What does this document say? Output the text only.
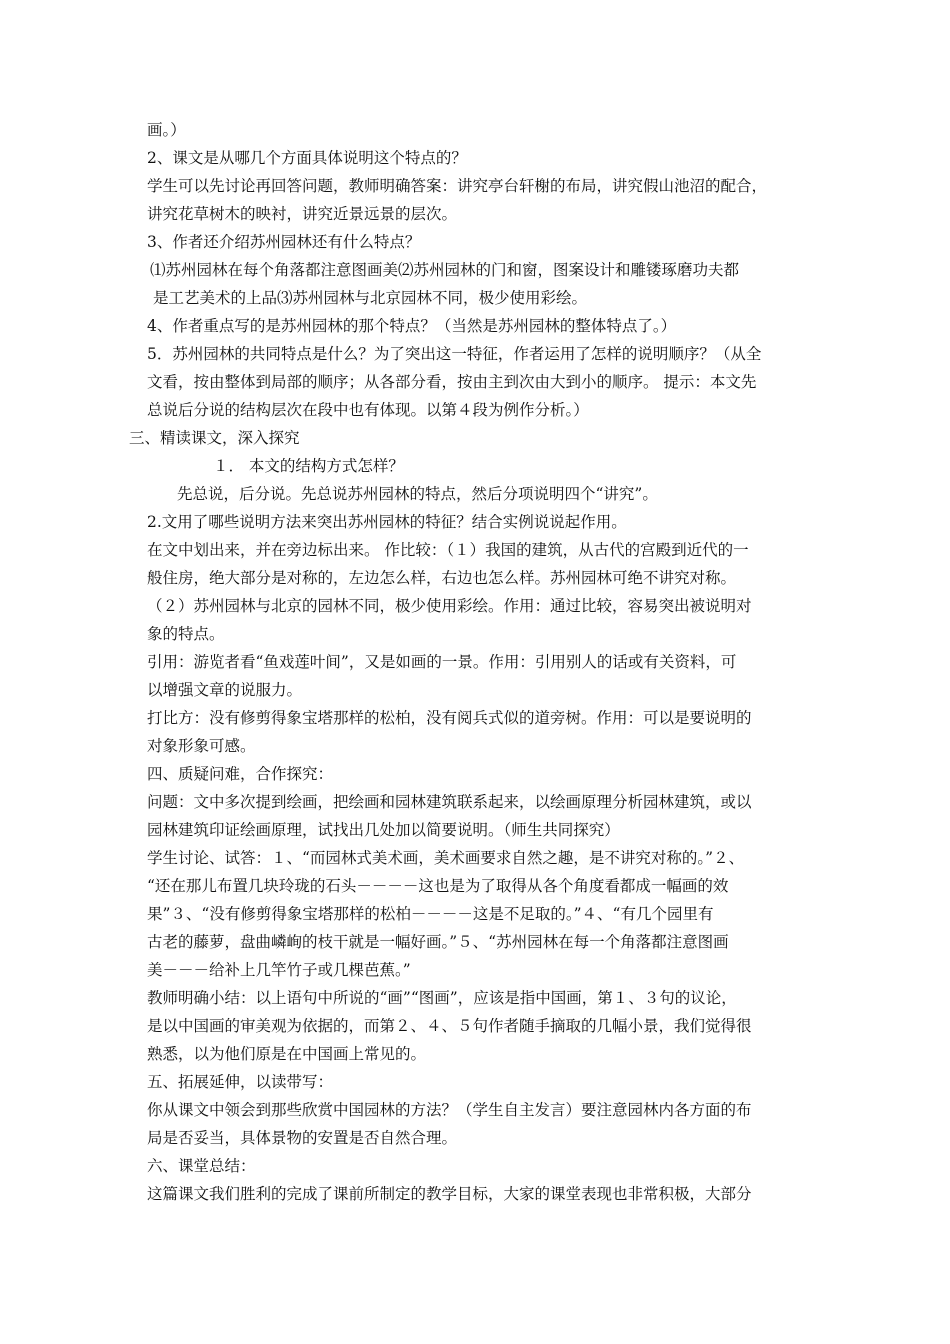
画。）
2、课文是从哪几个方面具体说明这个特点的？
学生可以先讨论再回答问题，教师明确答案：讲究亭台轩榭的布局，讲究假山池沼的配合，
讲究花草树木的映衬，讲究近景远景的层次。
3、作者还介绍苏州园林还有什么特点？
⑴苏州园林在每个角落都注意图画美⑵苏州园林的门和窗，图案设计和雕镂琢磨功夫都
是工艺美术的上品⑶苏州园林与北京园林不同，极少使用彩绘。
4、作者重点写的是苏州园林的那个特点？（当然是苏州园林的整体特点了。）
5．苏州园林的共同特点是什么？为了突出这一特征，作者运用了怎样的说明顺序？（从全
文看，按由整体到局部的顺序；从各部分看，按由主到次由大到小的顺序。 提示：本文先
总说后分说的结构层次在段中也有体现。以第４段为例作分析。）
三、精读课文，深入探究
１． 本文的结构方式怎样？
先总说，后分说。先总说苏州园林的特点，然后分项说明四个“讲究”。
2.文用了哪些说明方法来突出苏州园林的特征？结合实例说说起作用。
在文中划出来，并在旁边标出来。 作比较：（１）我国的建筑，从古代的宫殿到近代的一
般住房，绝大部分是对称的，左边怎么样，右边也怎么样。苏州园林可绝不讲究对称。
（２）苏州园林与北京的园林不同，极少使用彩绘。作用：通过比较，容易突出被说明对
象的特点。
引用：游览者看“鱼戏莲叶间”，又是如画的一景。作用：引用别人的话或有关资料，可
以增强文章的说服力。
打比方：没有修剪得象宝塔那样的松柏，没有阅兵式似的道旁树。作用：可以是要说明的
对象形象可感。
四、质疑问难，合作探究：
问题：文中多次提到绘画，把绘画和园林建筑联系起来，以绘画原理分析园林建筑，或以
园林建筑印证绘画原理，试找出几处加以简要说明。（师生共同探究）
学生讨论、试答：１、“而园林式美术画，美术画要求自然之趣，是不讲究对称的。”２、
“还在那儿布置几块玲珑的石头－－－－这也是为了取得从各个角度看都成一幅画的效
果”３、“没有修剪得象宝塔那样的松柏－－－－这是不足取的。”４、“有几个园里有
古老的藤萝，盘曲嶙峋的枝干就是一幅好画。”５、“苏州园林在每一个角落都注意图画
美－－－给补上几竿竹子或几棵芭蕉。”
教师明确小结：以上语句中所说的“画”“图画”，应该是指中国画，第１、３句的议论，
是以中国画的审美观为依据的，而第２、４、５句作者随手摘取的几幅小景，我们觉得很
熟悉，以为他们原是在中国画上常见的。
五、拓展延伸，以读带写：
你从课文中领会到那些欣赏中国园林的方法？（学生自主发言）要注意园林内各方面的布
局是否妥当，具体景物的安置是否自然合理。
六、课堂总结：
这篇课文我们胜利的完成了课前所制定的教学目标，大家的课堂表现也非常积极，大部分
